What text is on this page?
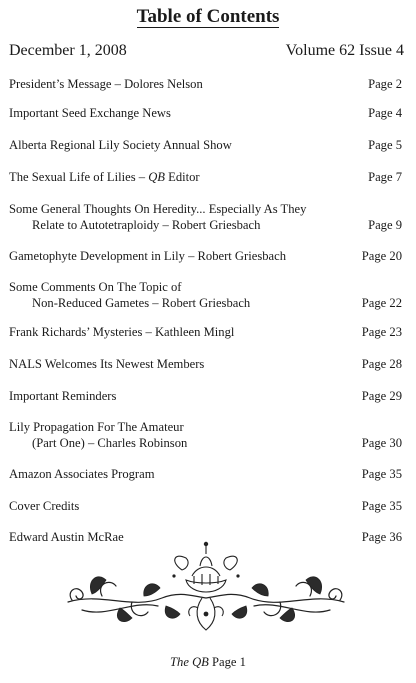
Table of Contents
December 1, 2008	Volume 62 Issue 4
President’s Message – Dolores Nelson	Page 2
Important Seed Exchange News	Page 4
Alberta Regional Lily Society Annual Show	Page 5
The Sexual Life of Lilies – QB Editor	Page 7
Some General Thoughts On Heredity... Especially As They
Relate to Autotetraploidy – Robert Griesbach	Page 9
Gametophyte Development in Lily – Robert Griesbach	Page 20
Some Comments On The Topic of
Non-Reduced Gametes – Robert Griesbach	Page 22
Frank Richards’ Mysteries – Kathleen Mingl	Page 23
NALS Welcomes Its Newest Members	Page 28
Important Reminders	Page 29
Lily Propagation For The Amateur
(Part One) – Charles Robinson	Page 30
Amazon Associates Program	Page 35
Cover Credits	Page 35
Edward Austin McRae	Page 36
The QB Page 1
